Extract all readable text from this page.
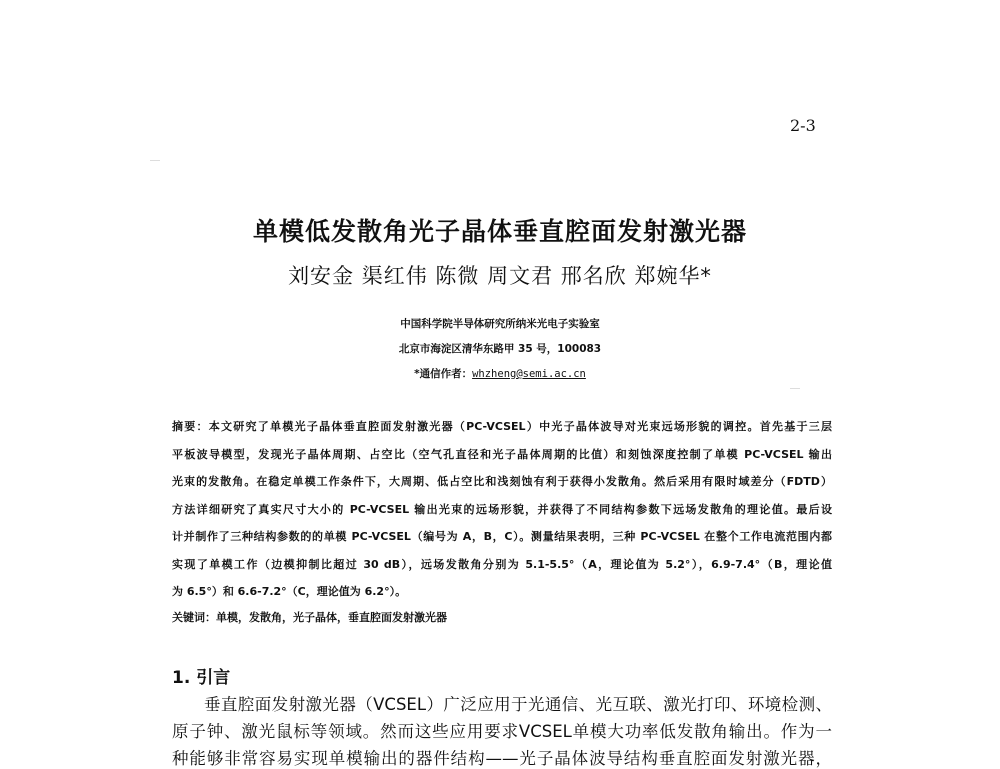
2-3
单模低发散角光子晶体垂直腔面发射激光器
刘安金 渠红伟 陈微 周文君 邢名欣 郑婉华*
中国科学院半导体研究所纳米光电子实验室
北京市海淀区清华东路甲 35 号，100083
*通信作者：whzheng@semi.ac.cn
摘要：本文研究了单模光子晶体垂直腔面发射激光器（PC-VCSEL）中光子晶体波导对光束远场形貌的调控。首先基于三层
平板波导模型，发现光子晶体周期、占空比（空气孔直径和光子晶体周期的比值）和刻蚀深度控制了单模 PC-VCSEL 输出
光束的发散角。在稳定单模工作条件下，大周期、低占空比和浅刻蚀有利于获得小发散角。然后采用有限时域差分（FDTD）
方法详细研究了真实尺寸大小的 PC-VCSEL 输出光束的远场形貌，并获得了不同结构参数下远场发散角的理论值。最后设
计并制作了三种结构参数的的单模 PC-VCSEL（编号为 A，B，C）。测量结果表明，三种 PC-VCSEL 在整个工作电流范围内都
实现了单模工作（边模抑制比超过 30 dB），远场发散角分别为 5.1-5.5°（A，理论值为 5.2°），6.9-7.4°（B，理论值
为 6.5°）和 6.6-7.2°（C，理论值为 6.2°）。
关键词：单模，发散角，光子晶体，垂直腔面发射激光器
1. 引言
垂直腔面发射激光器（VCSEL）广泛应用于光通信、光互联、激光打印、环境检测、
原子钟、激光鼠标等领域。然而这些应用要求VCSEL单模大功率低发散角输出。作为一
种能够非常容易实现单模输出的器件结构——光子晶体波导结构垂直腔面发射激光器，
